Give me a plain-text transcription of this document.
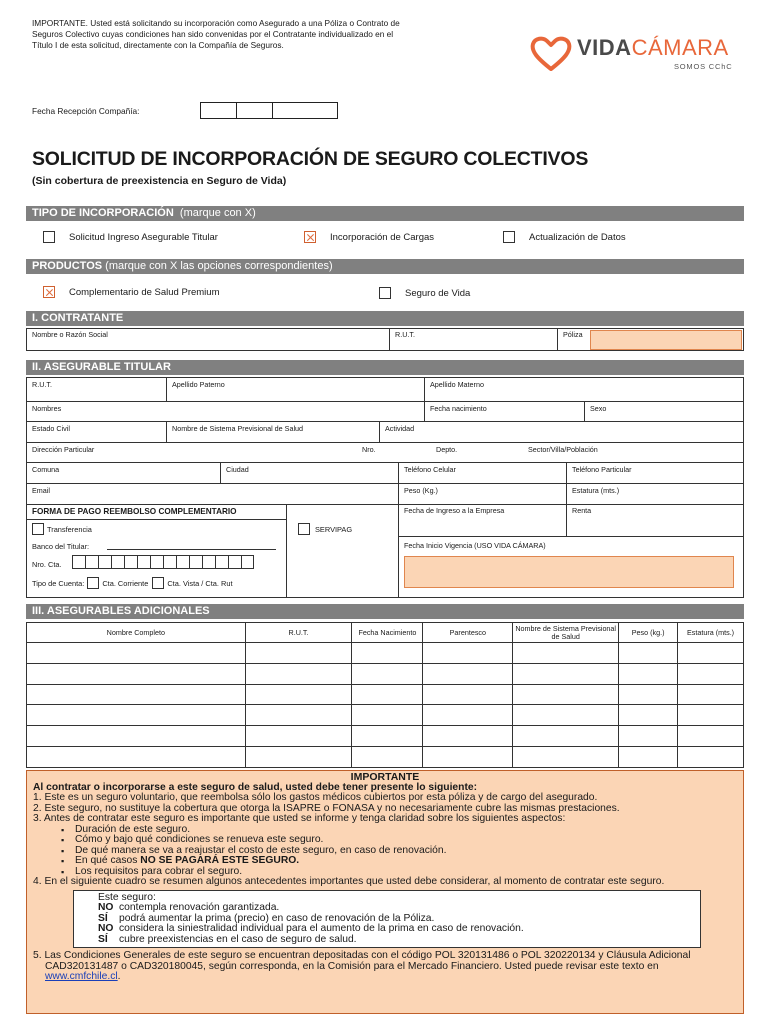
IMPORTANTE. Usted está solicitando su incorporación como Asegurado a una Póliza o Contrato de Seguros Colectivo cuyas condiciones han sido convenidas por el Contratante individualizado en el Título I de esta solicitud, directamente con la Compañía de Seguros.	VIDACÁMARA
SOMOS CChC
Fecha Recepción Compañía:
SOLICITUD DE INCORPORACIÓN DE SEGURO COLECTIVOS
(Sin cobertura de preexistencia en Seguro de Vida)
TIPO DE INCORPORACIÓN (marque con X)
Solicitud Ingreso Asegurable Titular	Incorporación de Cargas	Actualización de Datos
PRODUCTOS (marque con X las opciones correspondientes)
Complementario de Salud Premium	Seguro de Vida
I. CONTRATANTE
Nombre o Razón Social	R.U.T.	Póliza
II. ASEGURABLE TITULAR
R.U.T.	Apellido Paterno	Apellido Materno
Nombres	Fecha nacimiento	Sexo
Estado Civil	Nombre de Sistema Previsional de Salud	Actividad
Dirección Particular	Nro.	Depto.	Sector/Villa/Población
Comuna	Ciudad	Teléfono Celular	Teléfono Particular
Email	Peso (Kg.)	Estatura (mts.)
FORMA DE PAGO REEMBOLSO COMPLEMENTARIO	Fecha de Ingreso a la Empresa	Renta
Transferencia	SERVIPAG
Banco del Titular:
Nro. Cta.
Tipo de Cuenta: Cta. Corriente	Cta. Vista / Cta. Rut
Fecha Inicio Vigencia (USO VIDA CÁMARA)
III. ASEGURABLES ADICIONALES
Nombre Completo	R.U.T.	Fecha Nacimiento	Parentesco	Nombre de Sistema Previsional de Salud	Peso (kg.)	Estatura (mts.)

IMPORTANTE
Al contratar o incorporarse a este seguro de salud, usted debe tener presente lo siguiente:
1. Este es un seguro voluntario, que reembolsa sólo los gastos médicos cubiertos por esta póliza y de cargo del asegurado.
2. Este seguro, no sustituye la cobertura que otorga la ISAPRE o FONASA y no necesariamente cubre las mismas prestaciones.
3. Antes de contratar este seguro es importante que usted se informe y tenga claridad sobre los siguientes aspectos:
▪ Duración de este seguro.
▪ Cómo y bajo qué condiciones se renueva este seguro.
▪ De qué manera se va a reajustar el costo de este seguro, en caso de renovación.
▪ En qué casos NO SE PAGARÁ ESTE SEGURO.
▪ Los requisitos para cobrar el seguro.
4. En el siguiente cuadro se resumen algunos antecedentes importantes que usted debe considerar, al momento de contratar este seguro.
Este seguro:
NO contempla renovación garantizada.
SÍ	podrá aumentar la prima (precio) en caso de renovación de la Póliza.
NO considera la siniestralidad individual para el aumento de la prima en caso de renovación.
SÍ	cubre preexistencias en el caso de seguro de salud.
5. Las Condiciones Generales de este seguro se encuentran depositadas con el código POL 320131486 o POL 320220134 y Cláusula Adicional CAD320131487 o CAD320180045, según corresponda, en la Comisión para el Mercado Financiero. Usted puede revisar este texto en www.cmfchile.cl.
